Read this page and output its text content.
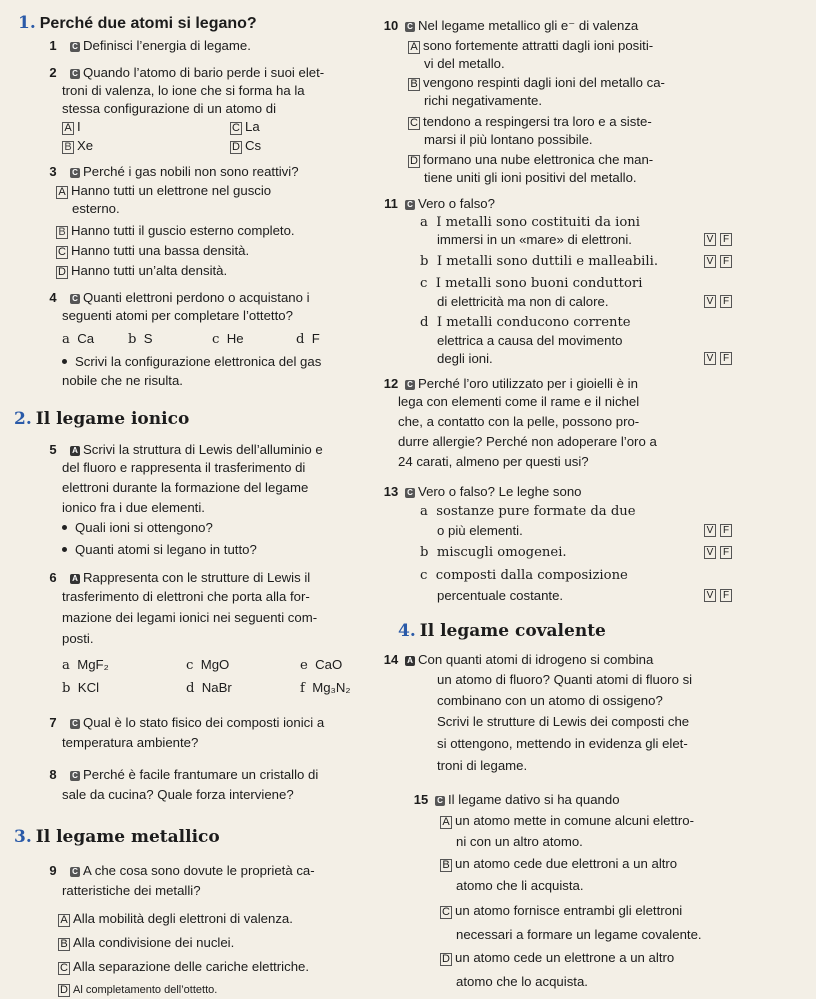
1. Perché due atomi si legano?
1	C Definisci l’energia di legame.
2	C Quando l’atomo di bario perde i suoi elet-
troni di valenza, lo ione che si forma ha la
stessa configurazione di un atomo di
A I	C La
B Xe	D Cs
3	C Perché i gas nobili non sono reattivi?
A Hanno tutti un elettrone nel guscio
esterno.
B Hanno tutti il guscio esterno completo.
C Hanno tutti una bassa densità.
D Hanno tutti un’alta densità.
4	C Quanti elettroni perdono o acquistano i
seguenti atomi per completare l’ottetto?
a Ca	b S	c He	d F
Scrivi la configurazione elettronica del gas
nobile che ne risulta.
2. Il legame ionico
5	A Scrivi la struttura di Lewis dell’alluminio e
del fluoro e rappresenta il trasferimento di
elettroni durante la formazione del legame
ionico fra i due elementi.
Quali ioni si ottengono?
Quanti atomi si legano in tutto?
6	A Rappresenta con le strutture di Lewis il
trasferimento di elettroni che porta alla for-
mazione dei legami ionici nei seguenti com-
posti.
a MgF₂	c MgO	e CaO
b KCl	d NaBr	f Mg₃N₂
7	C Qual è lo stato fisico dei composti ionici a
temperatura ambiente?
8	C Perché è facile frantumare un cristallo di
sale da cucina? Quale forza interviene?
3. Il legame metallico
9	C A che cosa sono dovute le proprietà ca-
ratteristiche dei metalli?
A Alla mobilità degli elettroni di valenza.
B Alla condivisione dei nuclei.
C Alla separazione delle cariche elettriche.
D Al completamento dell’ottetto.
10	C Nel legame metallico gli e⁻ di valenza
A sono fortemente attratti dagli ioni positi-
vi del metallo.
B vengono respinti dagli ioni del metallo ca-
richi negativamente.
C tendono a respingersi tra loro e a siste-
marsi il più lontano possibile.
D formano una nube elettronica che man-
tiene uniti gli ioni positivi del metallo.
11	C Vero o falso?
a I metalli sono costituiti da ioni
immersi in un «mare» di elettroni.	V F
b I metalli sono duttili e malleabili.	V F
c I metalli sono buoni conduttori
di elettricità ma non di calore.	V F
d I metalli conducono corrente
elettrica a causa del movimento
degli ioni.	V F
12	C Perché l’oro utilizzato per i gioielli è in
lega con elementi come il rame e il nichel
che, a contatto con la pelle, possono pro-
durre allergie? Perché non adoperare l’oro a
24 carati, almeno per questi usi?
13	C Vero o falso? Le leghe sono
a sostanze pure formate da due
o più elementi.	V F
b miscugli omogenei.	V F
c composti dalla composizione
percentuale costante.	V F
4. Il legame covalente
14	A Con quanti atomi di idrogeno si combina
un atomo di fluoro? Quanti atomi di fluoro si
combinano con un atomo di ossigeno?
Scrivi le strutture di Lewis dei composti che
si ottengono, mettendo in evidenza gli elet-
troni di legame.
15	C Il legame dativo si ha quando
A un atomo mette in comune alcuni elettro-
ni con un altro atomo.
B un atomo cede due elettroni a un altro
atomo che li acquista.
C un atomo fornisce entrambi gli elettroni
necessari a formare un legame covalente.
D un atomo cede un elettrone a un altro
atomo che lo acquista.
